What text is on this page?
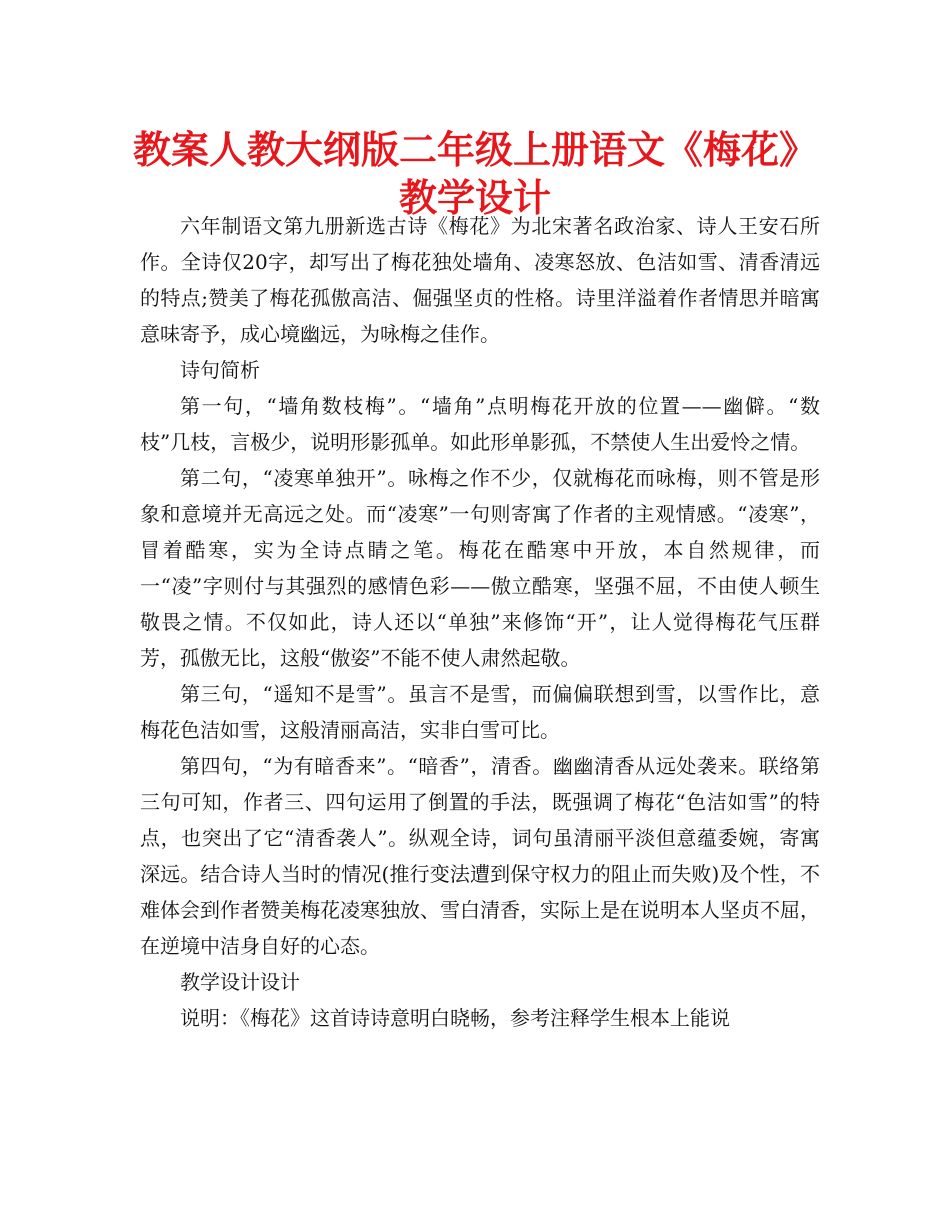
教案人教大纲版二年级上册语文《梅花》
教学设计

六年制语文第九册新选古诗《梅花》为北宋著名政治家、诗人王安石所作。全诗仅20字，却写出了梅花独处墙角、凌寒怒放、色洁如雪、清香清远的特点;赞美了梅花孤傲高洁、倔强坚贞的性格。诗里洋溢着作者情思并暗寓意味寄予，成心境幽远，为咏梅之佳作。

诗句简析

第一句，“墙角数枝梅”。“墙角”点明梅花开放的位置——幽僻。“数枝”几枝，言极少，说明形影孤单。如此形单影孤，不禁使人生出爱怜之情。

第二句，“凌寒单独开”。咏梅之作不少，仅就梅花而咏梅，则不管是形象和意境并无高远之处。而“凌寒”一句则寄寓了作者的主观情感。“凌寒”，冒着酷寒，实为全诗点睛之笔。梅花在酷寒中开放，本自然规律，而一“凌”字则付与其强烈的感情色彩——傲立酷寒，坚强不屈，不由使人顿生敬畏之情。不仅如此，诗人还以“单独”来修饰“开”，让人觉得梅花气压群芳，孤傲无比，这般“傲姿”不能不使人肃然起敬。

第三句，“遥知不是雪”。虽言不是雪，而偏偏联想到雪，以雪作比，意梅花色洁如雪，这般清丽高洁，实非白雪可比。

第四句，“为有暗香来”。“暗香”，清香。幽幽清香从远处袭来。联络第三句可知，作者三、四句运用了倒置的手法，既强调了梅花“色洁如雪”的特点，也突出了它“清香袭人”。纵观全诗，词句虽清丽平淡但意蕴委婉，寄寓深远。结合诗人当时的情况(推行变法遭到保守权力的阻止而失败)及个性，不难体会到作者赞美梅花凌寒独放、雪白清香，实际上是在说明本人坚贞不屈，在逆境中洁身自好的心态。

教学设计设计

说明：《梅花》这首诗诗意明白晓畅，参考注释学生根本上能说
